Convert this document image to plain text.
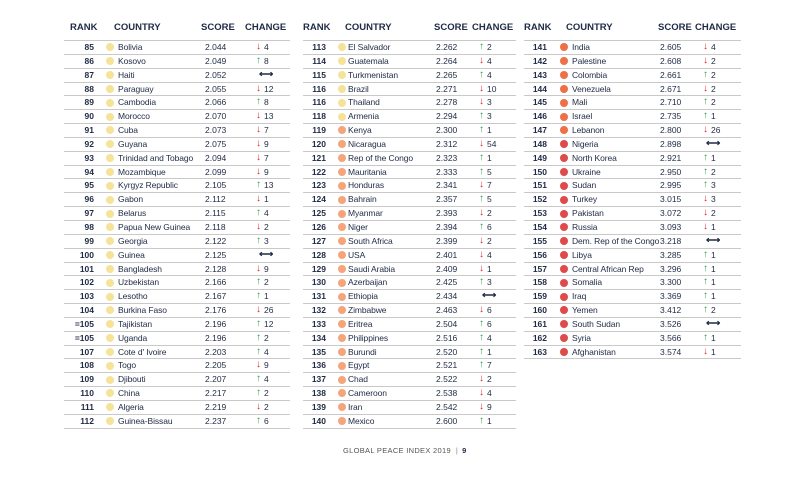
RANK COUNTRY	SCORE CHANGE
85	Bolivia	2.044	↓ 4
86	Kosovo	2.049	↑ 8
87	Haiti	2.052	⟷
88	Paraguay	2.055	↓ 12
89	Cambodia	2.066	↑ 8
90	Morocco	2.070	↓ 13
91	Cuba	2.073	↓ 7
92	Guyana	2.075	↓ 9
93	Trinidad and Tobago 2.094	↓ 7
94	Mozambique	2.099	↓ 9
95	Kyrgyz Republic	2.105	↑ 13
96	Gabon	2.112	↓ 1
97	Belarus	2.115	↑ 4
98	Papua New Guinea 2.118	↓ 2
99	Georgia	2.122	↑ 3
100	Guinea	2.125	⟷
101	Bangladesh	2.128	↓ 9
102	Uzbekistan	2.166	↑ 2
103	Lesotho	2.167	↑ 1
104	Burkina Faso	2.176	↓ 26
=105	Tajikistan	2.196	↑ 12
=105	Uganda	2.196	↑ 2
107	Cote d' Ivoire	2.203	↑ 4
108	Togo	2.205	↓ 9
109	Djibouti	2.207	↑ 4
110	China	2.217	↑ 2
111	Algeria	2.219	↓ 2
112	Guinea-Bissau	2.237	↑ 6
RANK COUNTRY	SCORE CHANGE
113	El Salvador	2.262 ↑ 2
114	Guatemala	2.264 ↓ 4
115	Turkmenistan	2.265 ↑ 4
116	Brazil	2.271 ↓ 10
116	Thailand	2.278 ↓ 3
118	Armenia	2.294 ↑ 3
119	Kenya	2.300 ↑ 1
120	Nicaragua	2.312 ↓ 54
121	Rep of the Congo	2.323 ↑ 1
122	Mauritania	2.333 ↑ 5
123	Honduras	2.341 ↓ 7
124	Bahrain	2.357 ↑ 5
125	Myanmar	2.393 ↓ 2
126	Niger	2.394 ↑ 6
127	South Africa	2.399 ↓ 2
128	USA	2.401 ↓ 4
129	Saudi Arabia	2.409 ↓ 1
130	Azerbaijan	2.425 ↑ 3
131	Ethiopia	2.434 ⟷
132	Zimbabwe	2.463 ↓ 6
133	Eritrea	2.504 ↑ 6
134	Philippines	2.516 ↑ 4
135	Burundi	2.520 ↑ 1
136	Egypt	2.521 ↑ 7
137	Chad	2.522 ↓ 2
138	Cameroon	2.538 ↓ 4
139	Iran	2.542 ↓ 9
140	Mexico	2.600 ↑ 1
RANK COUNTRY	SCORE CHANGE
141	India	2.605 ↓ 4
142	Palestine	2.608 ↓ 2
143	Colombia	2.661 ↑ 2
144	Venezuela	2.671 ↓ 2
145	Mali	2.710 ↑ 2
146	Israel	2.735 ↑ 1
147	Lebanon	2.800 ↓ 26
148	Nigeria	2.898 ⟷
149	North Korea	2.921 ↑ 1
150	Ukraine	2.950 ↑ 2
151	Sudan	2.995 ↑ 3
152	Turkey	3.015 ↓ 3
153	Pakistan	3.072 ↓ 2
154	Russia	3.093 ↓ 1
155	Dem. Rep of the Congo 3.218 ⟷
156	Libya	3.285 ↑ 1
157	Central African Rep 3.296 ↑ 1
158	Somalia	3.300 ↑ 1
159	Iraq	3.369 ↑ 1
160	Yemen	3.412 ↑ 2
161	South Sudan	3.526 ⟷
162	Syria	3.566 ↑ 1
163	Afghanistan	3.574 ↓ 1
GLOBAL PEACE INDEX 2019 | 9
